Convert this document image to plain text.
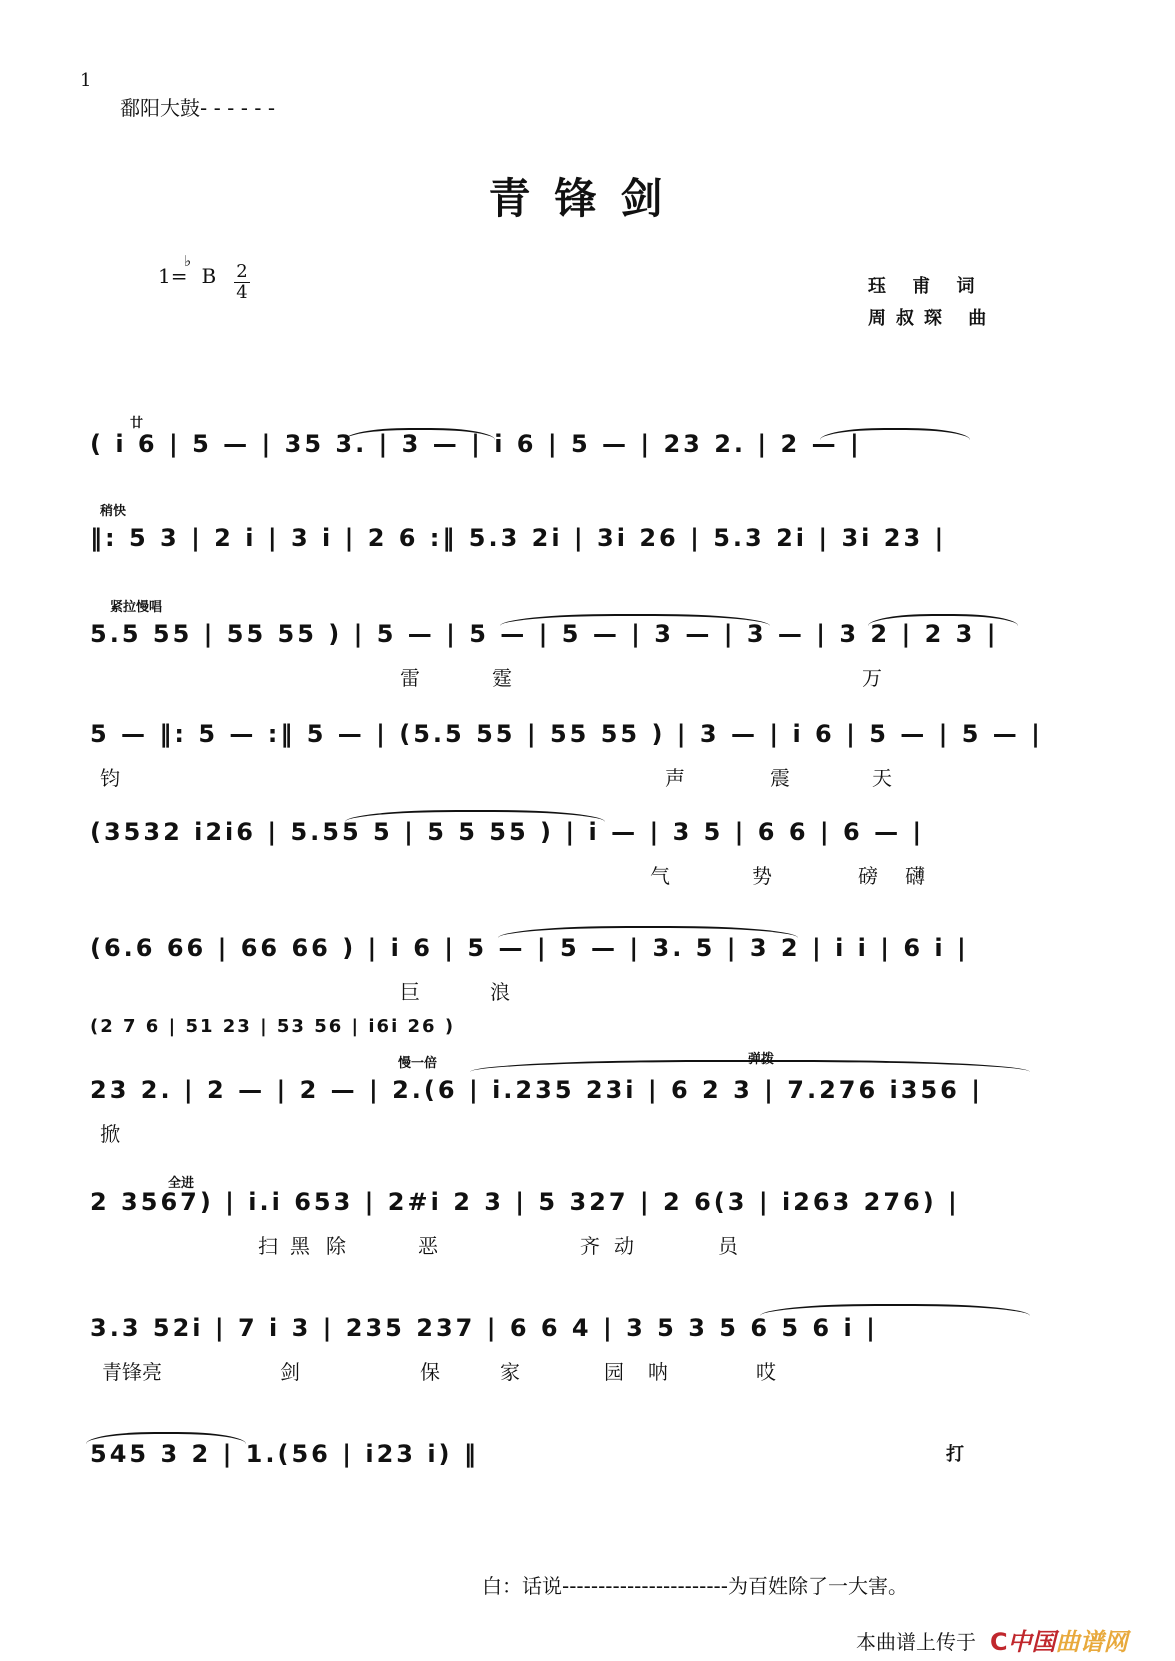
1
鄱阳大鼓- - - - - -
青锋剑
1=
♭
B 2
4	珏 甫 词
周叔琛 曲
廿
( i 6 | 5 — | 35 3. | 3 — | i 6 | 5 — | 23 2. | 2 — |
稍快
‖: 5 3 | 2 i | 3 i | 2 6 :‖ 5.3 2i | 3i 26 | 5.3 2i | 3i 23 |
紧拉慢唱
5.5 55 | 55 55 ) | 5 — | 5 — | 5 — | 3 — | 3 — | 3 2 | 2 3 |
雷	霆	万
5 — ‖: 5 — :‖ 5 — | (5.5 55 | 55 55 ) | 3 — | i 6 | 5 — | 5 — |
钧	声	震	天
(3532 i2i6 | 5.55 5 | 5 5 55 ) | i — | 3 5 | 6 6 | 6 — |
气	势	磅 礴
(6.6 66 | 66 66 ) | i 6 | 5 — | 5 — | 3. 5 | 3 2 | i i | 6 i |
巨	浪
(2 7 6 | 51 23 | 53 56 | i6i 26 )
慢一倍	弹拨
23 2. | 2 — | 2 — | 2.(6 | i.235 23i | 6 2 3 | 7.276 i356 |
掀
全进
2 3567) | i.i 653 | 2#i 2 3 | 5 327 | 2 6(3 | i263 276) |
扫 黑 除	恶	齐 动	员
3.3 52i | 7 i 3 | 235 237 | 6 6 4 | 3 5 3 5 6 5 6 i |
青锋亮	剑	保	家	园 呐	哎
545 3 2 | 1.(56 | i23 i) ‖	打
白：话说-----------------------为百姓除了一大害。
本曲谱上传于 C中国曲谱网
